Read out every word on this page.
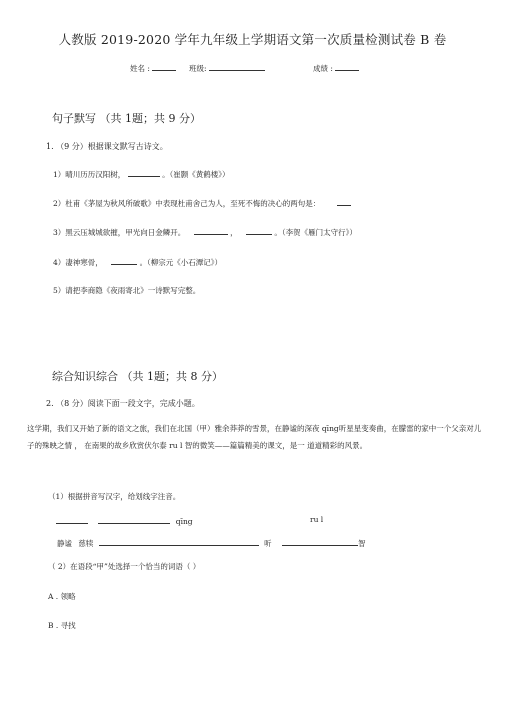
人教版 2019-2020 学年九年级上学期语文第一次质量检测试卷 B 卷
姓名 :	班级:	成绩 :
句子默写 （共 1题；共 9 分）
1. （9 分）根据课文默写古诗文。
1）晴川历历汉阳树，	。（崔颢《黄鹤楼》）
2）杜甫《茅屋为秋风所破歌》中表现杜甫舍己为人，至死不悔的决心的两句是：
3）黑云压城城欲摧，甲光向日金鳞开。	，	。（李贺《雁门太守行》）
4）凄神寒骨，	。（柳宗元《小石潭记》）
5）请把李商隐《夜雨寄北》一诗默写完整。
综合知识综合 （共 1题；共 8 分）
2. （8 分）阅读下面一段文字，完成小题。
这学期，我们又开始了新的语文之旅，我们在北国（甲）雅余莽莽的雪景，在静谧的深夜 qīng听星星变奏曲，在朦雷的家中一个父亲对儿子的殊映之情 ， 在南果的故乡欣赏伏尔泰 ru l 智的微笑——篇篇精美的课文，是一 道道精彩的风景。
（1）根据拼音写汉字，给划线字注音。
qīng	ru l
静谧 慈犊	听	智
（ 2）在语段“甲”处选择一个恰当的词语（ ）
A . 领略
B . 寻找
